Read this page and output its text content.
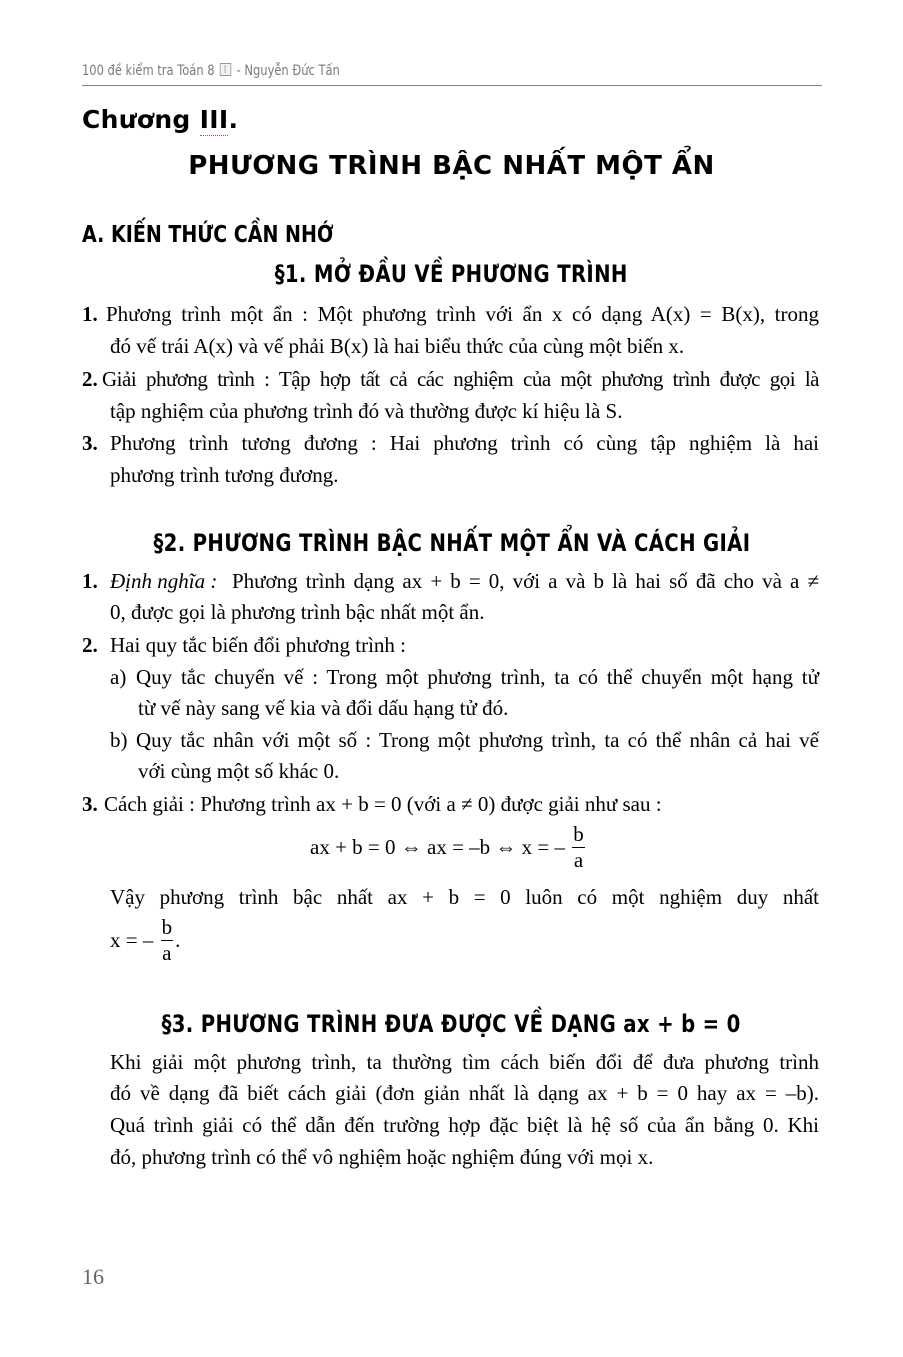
100 đề kiểm tra Toán 8 - Nguyễn Đức Tấn
Chương III.
PHƯƠNG TRÌNH BẬC NHẤT MỘT ẨN
A. KIẾN THỨC CẦN NHỚ
§1. MỞ ĐẦU VỀ PHƯƠNG TRÌNH
1. Phương trình một ẩn : Một phương trình với ẩn x có dạng A(x) = B(x), trong
đó vế trái A(x) và vế phải B(x) là hai biểu thức của cùng một biến x.
2. Giải phương trình : Tập hợp tất cả các nghiệm của một phương trình được gọi là
tập nghiệm của phương trình đó và thường được kí hiệu là S.
3. Phương trình tương đương : Hai phương trình có cùng tập nghiệm là hai
phương trình tương đương.
§2. PHƯƠNG TRÌNH BẬC NHẤT MỘT ẨN VÀ CÁCH GIẢI
1. Định nghĩa : Phương trình dạng ax + b = 0, với a và b là hai số đã cho và a ≠
0, được gọi là phương trình bậc nhất một ẩn.
2. Hai quy tắc biến đổi phương trình :
a) Quy tắc chuyển vế : Trong một phương trình, ta có thể chuyển một hạng tử
từ vế này sang vế kia và đổi dấu hạng tử đó.
b) Quy tắc nhân với một số : Trong một phương trình, ta có thể nhân cả hai vế
với cùng một số khác 0.
3. Cách giải : Phương trình ax + b = 0 (với a ≠ 0) được giải như sau :
ax + b = 0 ⇔ ax = –b ⇔ x = – $\frac{b}{a}$
Vậy phương trình bậc nhất ax + b = 0 luôn có một nghiệm duy nhất
x = – $\frac{b}{a}$ .
§3. PHƯƠNG TRÌNH ĐƯA ĐƯỢC VỀ DẠNG ax + b = 0
Khi giải một phương trình, ta thường tìm cách biến đổi để đưa phương trình
đó về dạng đã biết cách giải (đơn giản nhất là dạng ax + b = 0 hay ax = –b).
Quá trình giải có thể dẫn đến trường hợp đặc biệt là hệ số của ẩn bằng 0. Khi
đó, phương trình có thể vô nghiệm hoặc nghiệm đúng với mọi x.
16
